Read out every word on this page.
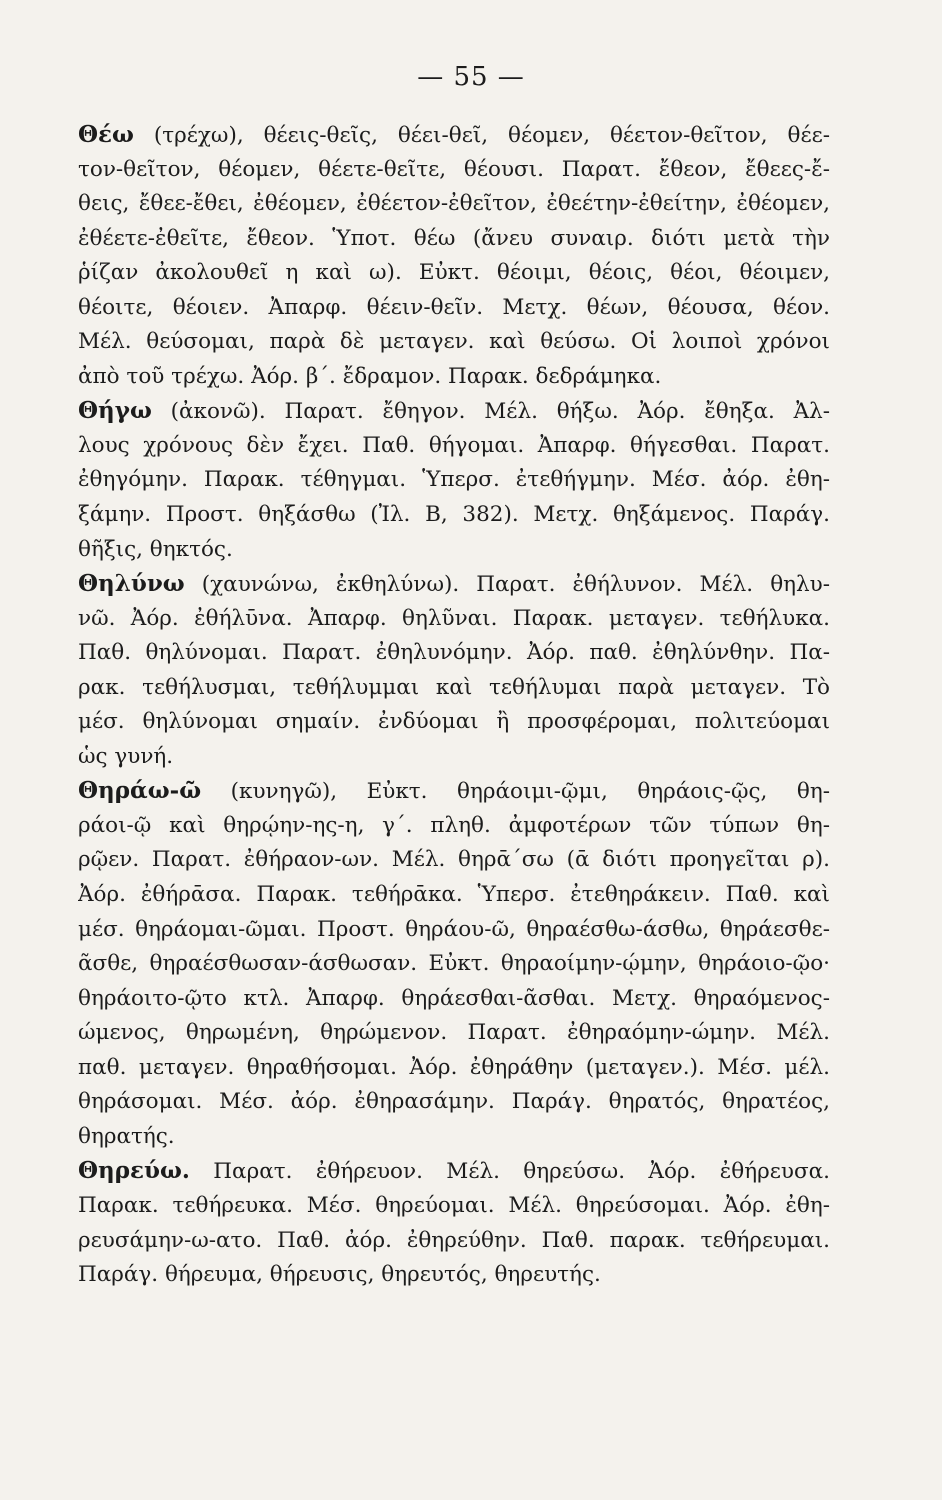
— 55 —
Θέω (τρέχω), θέεις-θεῖς, θέει-θεῖ, θέομεν, θέετον-θεῖτον, θέε-
τον-θεῖτον, θέομεν, θέετε-θεῖτε, θέουσι. Παρατ. ἔθεον, ἔθεες-ἔ-
θεις, ἔθεε-ἔθει, ἐθέομεν, ἐθέετον-ἐθεῖτον, ἐθεέτην-ἐθείτην, ἐθέομεν,
ἐθέετε-ἐθεῖτε, ἔθεον. Ὑποτ. θέω (ἄνευ συναιρ. διότι μετὰ τὴν
ῥίζαν ἀκολουθεῖ η καὶ ω). Εὐκτ. θέοιμι, θέοις, θέοι, θέοιμεν,
θέοιτε, θέοιεν. Ἀπαρφ. θέειν-θεῖν. Μετχ. θέων, θέουσα, θέον.
Μέλ. θεύσομαι, παρὰ δὲ μεταγεν. καὶ θεύσω. Οἱ λοιποὶ χρόνοι
ἀπὸ τοῦ τρέχω. Ἀόρ. β΄. ἔδραμον. Παρακ. δεδράμηκα.
Θήγω (ἀκονῶ). Παρατ. ἔθηγον. Μέλ. θήξω. Ἀόρ. ἔθηξα. Ἀλ-
λους χρόνους δὲν ἔχει. Παθ. θήγομαι. Ἀπαρφ. θήγεσθαι. Παρατ.
ἐθηγόμην. Παρακ. τέθηγμαι. Ὑπερσ. ἐτεθήγμην. Μέσ. ἀόρ. ἐθη-
ξάμην. Προστ. θηξάσθω (Ἰλ. Β, 382). Μετχ. θηξάμενος. Παράγ.
θῆξις, θηκτός.
Θηλύνω (χαυνώνω, ἐκθηλύνω). Παρατ. ἐθήλυνον. Μέλ. θηλυ-
νῶ. Ἀόρ. ἐθήλῡνα. Ἀπαρφ. θηλῦναι. Παρακ. μεταγεν. τεθήλυκα.
Παθ. θηλύνομαι. Παρατ. ἐθηλυνόμην. Ἀόρ. παθ. ἐθηλύνθην. Πα-
ρακ. τεθήλυσμαι, τεθήλυμμαι καὶ τεθήλυμαι παρὰ μεταγεν. Τὸ
μέσ. θηλύνομαι σημαίν. ἐνδύομαι ἢ προσφέρομαι, πολιτεύομαι
ὡς γυνή.
Θηράω-ῶ (κυνηγῶ), Εὐκτ. θηράοιμι-ῷμι, θηράοις-ῷς, θη-
ράοι-ῷ καὶ θηρῴην-ης-η, γ΄. πληθ. ἀμφοτέρων τῶν τύπων θη-
ρῷεν. Παρατ. ἐθήραον-ων. Μέλ. θηρᾱ΄σω (ᾱ διότι προηγεῖται ρ).
Ἀόρ. ἐθήρᾱσα. Παρακ. τεθήρᾱκα. Ὑπερσ. ἐτεθηράκειν. Παθ. καὶ
μέσ. θηράομαι-ῶμαι. Προστ. θηράου-ῶ, θηραέσθω-άσθω, θηράεσθε-
ᾶσθε, θηραέσθωσαν-άσθωσαν. Εὐκτ. θηραοίμην-ῴμην, θηράοιο-ῷο·
θηράοιτο-ῷτο κτλ. Ἀπαρφ. θηράεσθαι-ᾶσθαι. Μετχ. θηραόμενος-
ώμενος, θηρωμένη, θηρώμενον. Παρατ. ἐθηραόμην-ώμην. Μέλ.
παθ. μεταγεν. θηραθήσομαι. Ἀόρ. ἐθηράθην (μεταγεν.). Μέσ. μέλ.
θηράσομαι. Μέσ. ἀόρ. ἐθηρασάμην. Παράγ. θηρατός, θηρατέος,
θηρατής.
Θηρεύω. Παρατ. ἐθήρευον. Μέλ. θηρεύσω. Ἀόρ. ἐθήρευσα.
Παρακ. τεθήρευκα. Μέσ. θηρεύομαι. Μέλ. θηρεύσομαι. Ἀόρ. ἐθη-
ρευσάμην-ω-ατο. Παθ. ἀόρ. ἐθηρεύθην. Παθ. παρακ. τεθήρευμαι.
Παράγ. θήρευμα, θήρευσις, θηρευτός, θηρευτής.
